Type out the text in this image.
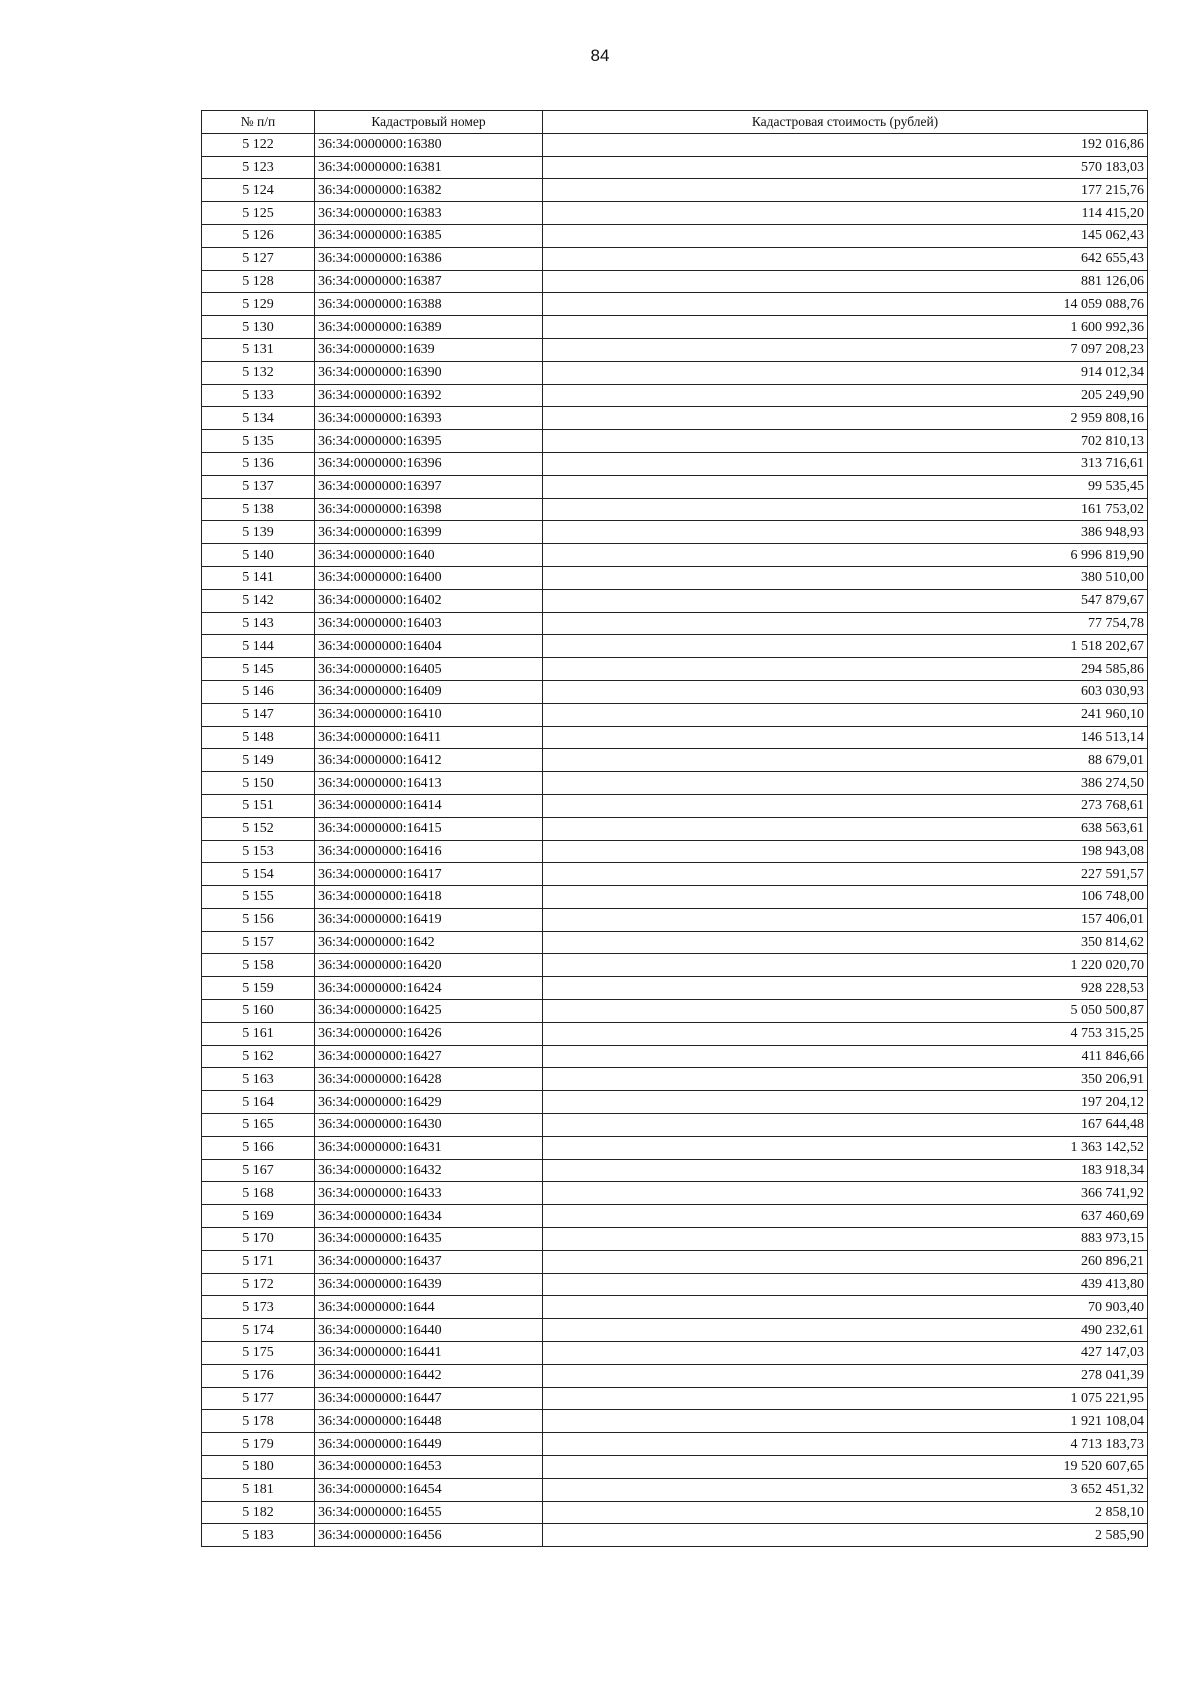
84
№ п/п	Кадастровый номер	Кадастровая стоимость (рублей)
5 122	36:34:0000000:16380	192 016,86
5 123	36:34:0000000:16381	570 183,03
5 124	36:34:0000000:16382	177 215,76
5 125	36:34:0000000:16383	114 415,20
5 126	36:34:0000000:16385	145 062,43
5 127	36:34:0000000:16386	642 655,43
5 128	36:34:0000000:16387	881 126,06
5 129	36:34:0000000:16388	14 059 088,76
5 130	36:34:0000000:16389	1 600 992,36
5 131	36:34:0000000:1639	7 097 208,23
5 132	36:34:0000000:16390	914 012,34
5 133	36:34:0000000:16392	205 249,90
5 134	36:34:0000000:16393	2 959 808,16
5 135	36:34:0000000:16395	702 810,13
5 136	36:34:0000000:16396	313 716,61
5 137	36:34:0000000:16397	99 535,45
5 138	36:34:0000000:16398	161 753,02
5 139	36:34:0000000:16399	386 948,93
5 140	36:34:0000000:1640	6 996 819,90
5 141	36:34:0000000:16400	380 510,00
5 142	36:34:0000000:16402	547 879,67
5 143	36:34:0000000:16403	77 754,78
5 144	36:34:0000000:16404	1 518 202,67
5 145	36:34:0000000:16405	294 585,86
5 146	36:34:0000000:16409	603 030,93
5 147	36:34:0000000:16410	241 960,10
5 148	36:34:0000000:16411	146 513,14
5 149	36:34:0000000:16412	88 679,01
5 150	36:34:0000000:16413	386 274,50
5 151	36:34:0000000:16414	273 768,61
5 152	36:34:0000000:16415	638 563,61
5 153	36:34:0000000:16416	198 943,08
5 154	36:34:0000000:16417	227 591,57
5 155	36:34:0000000:16418	106 748,00
5 156	36:34:0000000:16419	157 406,01
5 157	36:34:0000000:1642	350 814,62
5 158	36:34:0000000:16420	1 220 020,70
5 159	36:34:0000000:16424	928 228,53
5 160	36:34:0000000:16425	5 050 500,87
5 161	36:34:0000000:16426	4 753 315,25
5 162	36:34:0000000:16427	411 846,66
5 163	36:34:0000000:16428	350 206,91
5 164	36:34:0000000:16429	197 204,12
5 165	36:34:0000000:16430	167 644,48
5 166	36:34:0000000:16431	1 363 142,52
5 167	36:34:0000000:16432	183 918,34
5 168	36:34:0000000:16433	366 741,92
5 169	36:34:0000000:16434	637 460,69
5 170	36:34:0000000:16435	883 973,15
5 171	36:34:0000000:16437	260 896,21
5 172	36:34:0000000:16439	439 413,80
5 173	36:34:0000000:1644	70 903,40
5 174	36:34:0000000:16440	490 232,61
5 175	36:34:0000000:16441	427 147,03
5 176	36:34:0000000:16442	278 041,39
5 177	36:34:0000000:16447	1 075 221,95
5 178	36:34:0000000:16448	1 921 108,04
5 179	36:34:0000000:16449	4 713 183,73
5 180	36:34:0000000:16453	19 520 607,65
5 181	36:34:0000000:16454	3 652 451,32
5 182	36:34:0000000:16455	2 858,10
5 183	36:34:0000000:16456	2 585,90
